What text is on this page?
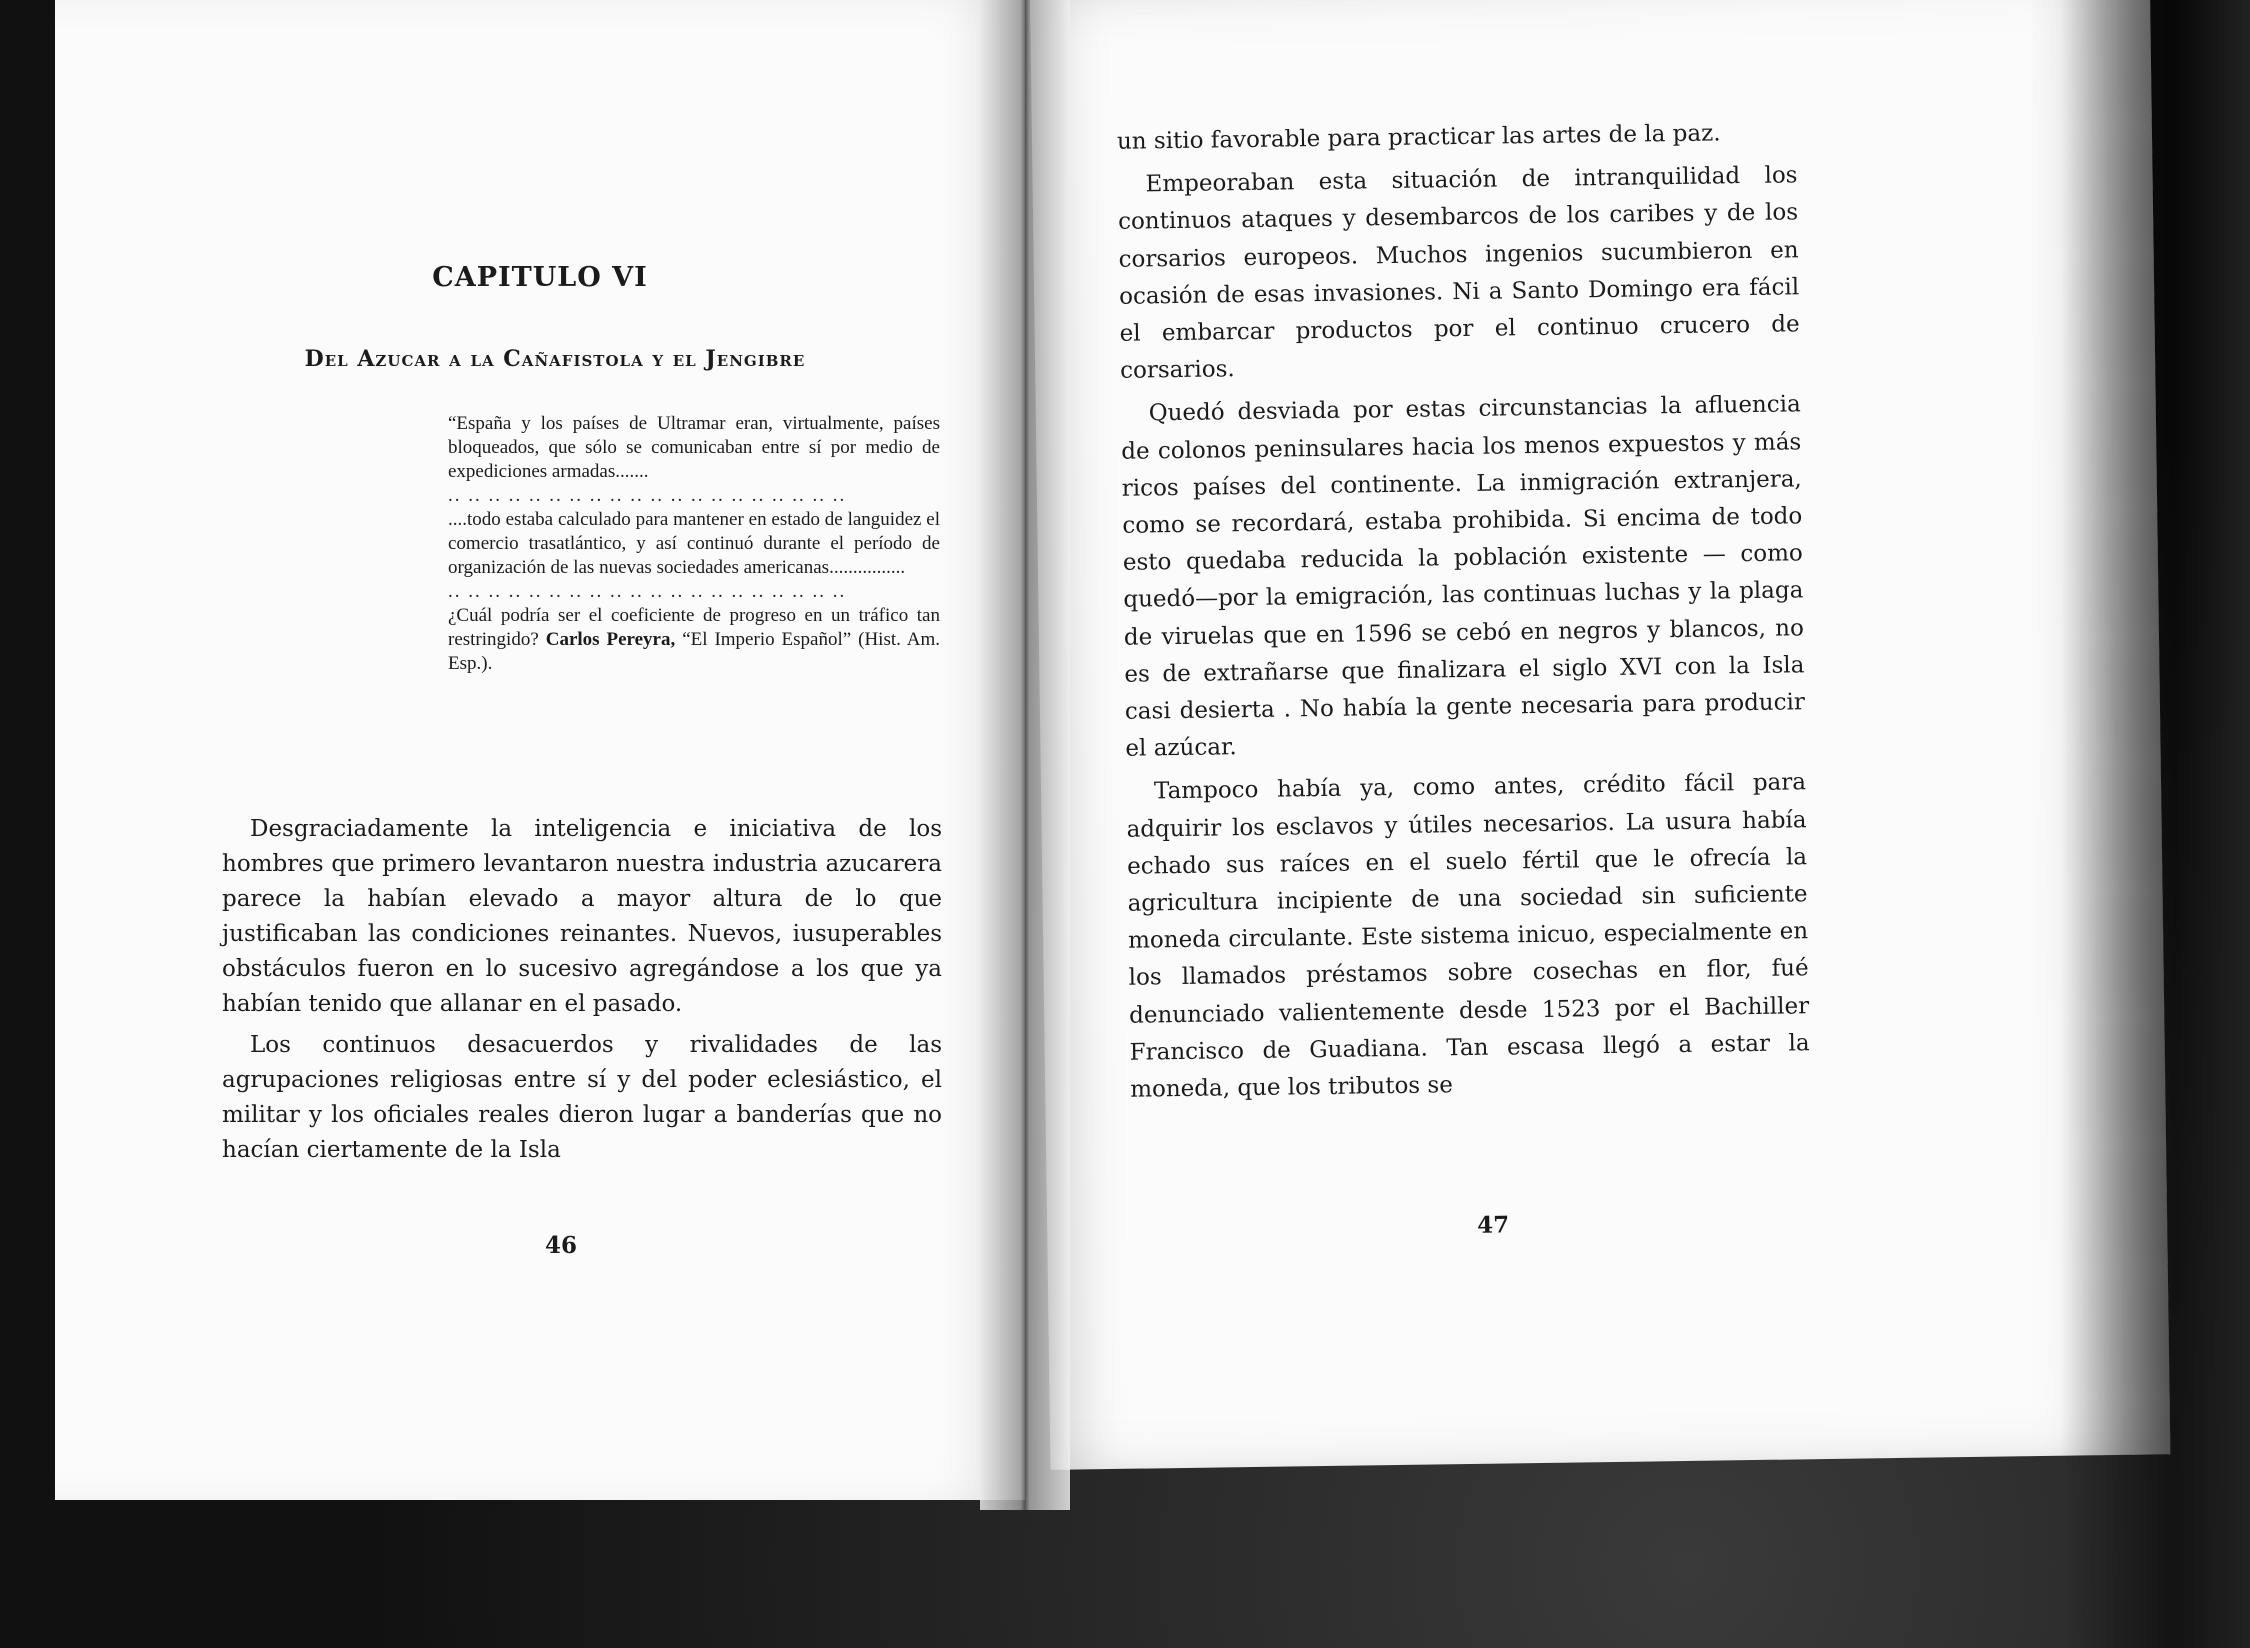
CAPITULO VI
Del Azucar a la Cañafistola y el Jengibre

“España y los países de Ultramar eran, virtualmente, países bloqueados, que sólo se comunicaban entre sí por medio de expediciones armadas.......

.. .. .. .. .. .. .. .. .. .. .. .. .. .. .. .. .. .. .. ..

....todo estaba calculado para mantener en estado de languidez el comercio trasatlántico, y así continuó durante el período de organización de las nuevas sociedades americanas................

.. .. .. .. .. .. .. .. .. .. .. .. .. .. .. .. .. .. .. ..

¿Cuál podría ser el coeficiente de progreso en un tráfico tan restringido? Carlos Pereyra, “El Imperio Español” (Hist. Am. Esp.).

Desgraciadamente la inteligencia e iniciativa de los hombres que primero levantaron nuestra industria azucarera parece la habían elevado a mayor altura de lo que justificaban las condiciones reinantes. Nuevos, iusuperables obstáculos fueron en lo sucesivo agregándose a los que ya habían tenido que allanar en el pasado.

Los continuos desacuerdos y rivalidades de las agrupaciones religiosas entre sí y del poder eclesiástico, el militar y los oficiales reales dieron lugar a banderías que no hacían ciertamente de la Isla

46

un sitio favorable para practicar las artes de la paz.

Empeoraban esta situación de intranquilidad los continuos ataques y desembarcos de los caribes y de los corsarios europeos. Muchos ingenios sucumbieron en ocasión de esas invasiones. Ni a Santo Domingo era fácil el embarcar productos por el continuo crucero de corsarios.

Quedó desviada por estas circunstancias la afluencia de colonos peninsulares hacia los menos expuestos y más ricos países del continente. La inmigración extranjera, como se recordará, estaba prohibida. Si encima de todo esto quedaba reducida la población existente — como quedó—por la emigración, las continuas luchas y la plaga de viruelas que en 1596 se cebó en negros y blancos, no es de extrañarse que finalizara el siglo XVI con la Isla casi desierta . No había la gente necesaria para producir el azúcar.

Tampoco había ya, como antes, crédito fácil para adquirir los esclavos y útiles necesarios. La usura había echado sus raíces en el suelo fértil que le ofrecía la agricultura incipiente de una sociedad sin suficiente moneda circulante. Este sistema inicuo, especialmente en los llamados préstamos sobre cosechas en flor, fué denunciado valientemente desde 1523 por el Bachiller Francisco de Guadiana. Tan escasa llegó a estar la moneda, que los tributos se

47
